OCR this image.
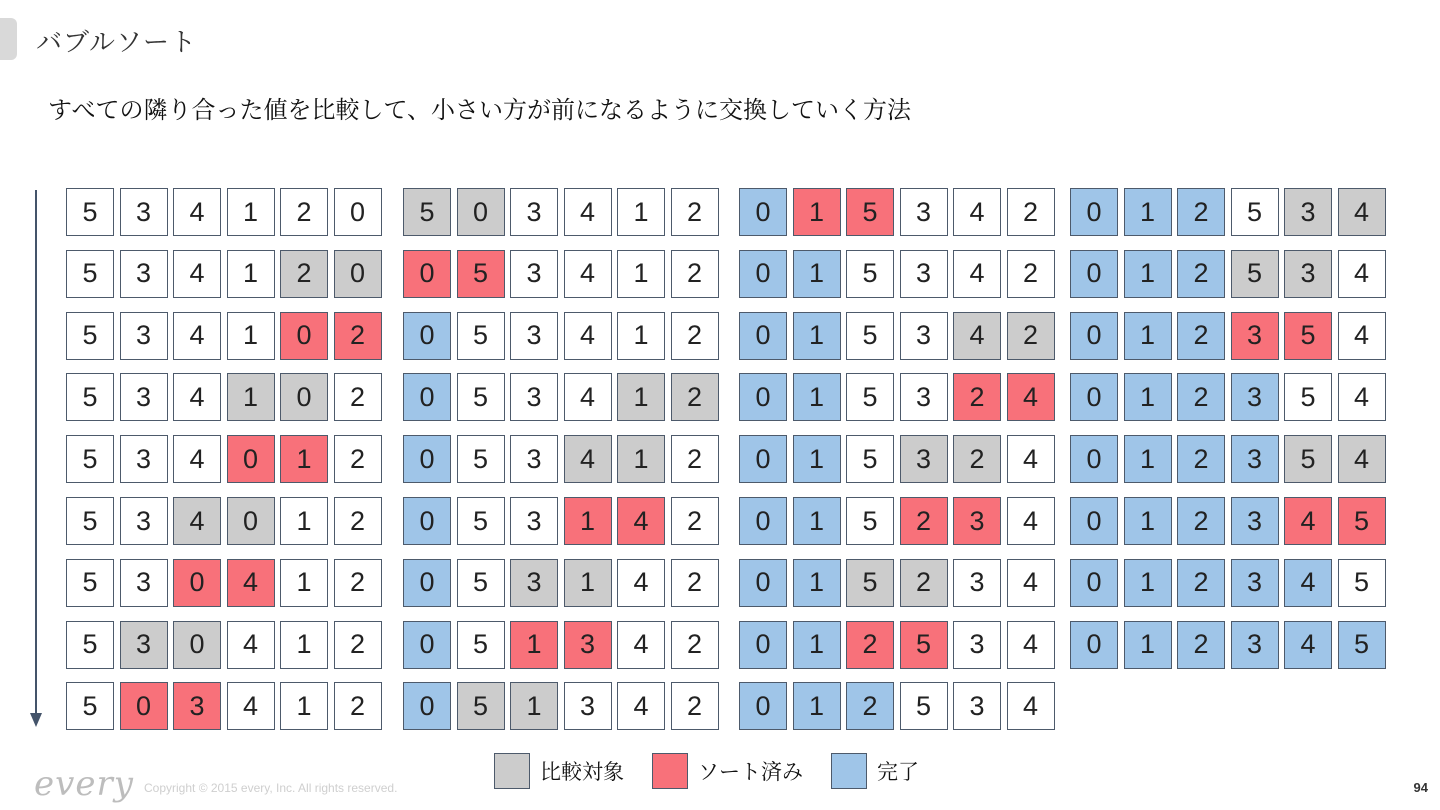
バブルソート
すべての隣り合った値を比較して、小さい方が前になるように交換していく方法
5	3	4	1	2	0
5	3	4	1	2	0
5	3	4	1	0	2
5	3	4	1	0	2
5	3	4	0	1	2
5	3	4	0	1	2
5	3	0	4	1	2
5	3	0	4	1	2
5	0	3	4	1	2
5	0	3	4	1	2
0	5	3	4	1	2
0	5	3	4	1	2
0	5	3	4	1	2
0	5	3	4	1	2
0	5	3	1	4	2
0	5	3	1	4	2
0	5	1	3	4	2
0	5	1	3	4	2
0	1	5	3	4	2
0	1	5	3	4	2
0	1	5	3	4	2
0	1	5	3	2	4
0	1	5	3	2	4
0	1	5	2	3	4
0	1	5	2	3	4
0	1	2	5	3	4
0	1	2	5	3	4
0	1	2	5	3	4
0	1	2	5	3	4
0	1	2	3	5	4
0	1	2	3	5	4
0	1	2	3	5	4
0	1	2	3	4	5
0	1	2	3	4	5
0	1	2	3	4	5
比較対象	ソート済み	完了
every Copyright © 2015 every, Inc. All rights reserved.	94
